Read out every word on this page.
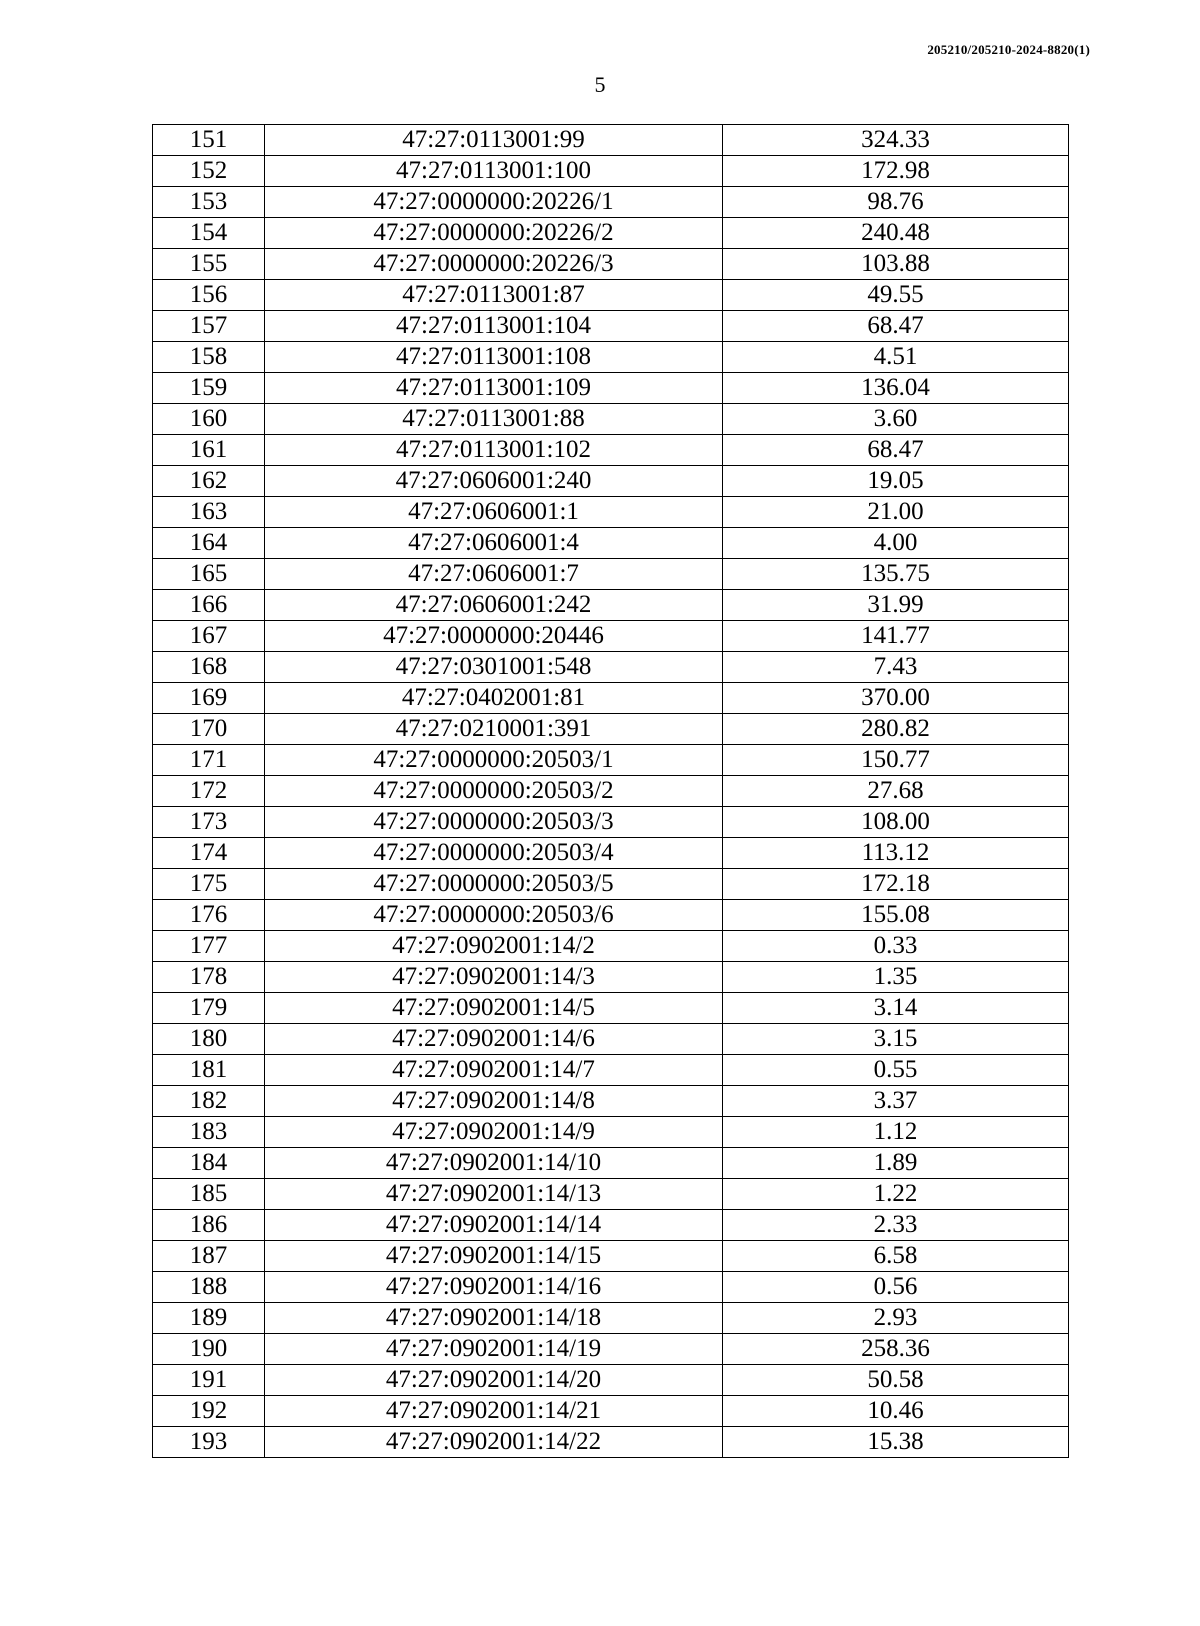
205210/205210-2024-8820(1)
5
151	47:27:0113001:99	324.33
152	47:27:0113001:100	172.98
153	47:27:0000000:20226/1	98.76
154	47:27:0000000:20226/2	240.48
155	47:27:0000000:20226/3	103.88
156	47:27:0113001:87	49.55
157	47:27:0113001:104	68.47
158	47:27:0113001:108	4.51
159	47:27:0113001:109	136.04
160	47:27:0113001:88	3.60
161	47:27:0113001:102	68.47
162	47:27:0606001:240	19.05
163	47:27:0606001:1	21.00
164	47:27:0606001:4	4.00
165	47:27:0606001:7	135.75
166	47:27:0606001:242	31.99
167	47:27:0000000:20446	141.77
168	47:27:0301001:548	7.43
169	47:27:0402001:81	370.00
170	47:27:0210001:391	280.82
171	47:27:0000000:20503/1	150.77
172	47:27:0000000:20503/2	27.68
173	47:27:0000000:20503/3	108.00
174	47:27:0000000:20503/4	113.12
175	47:27:0000000:20503/5	172.18
176	47:27:0000000:20503/6	155.08
177	47:27:0902001:14/2	0.33
178	47:27:0902001:14/3	1.35
179	47:27:0902001:14/5	3.14
180	47:27:0902001:14/6	3.15
181	47:27:0902001:14/7	0.55
182	47:27:0902001:14/8	3.37
183	47:27:0902001:14/9	1.12
184	47:27:0902001:14/10	1.89
185	47:27:0902001:14/13	1.22
186	47:27:0902001:14/14	2.33
187	47:27:0902001:14/15	6.58
188	47:27:0902001:14/16	0.56
189	47:27:0902001:14/18	2.93
190	47:27:0902001:14/19	258.36
191	47:27:0902001:14/20	50.58
192	47:27:0902001:14/21	10.46
193	47:27:0902001:14/22	15.38
